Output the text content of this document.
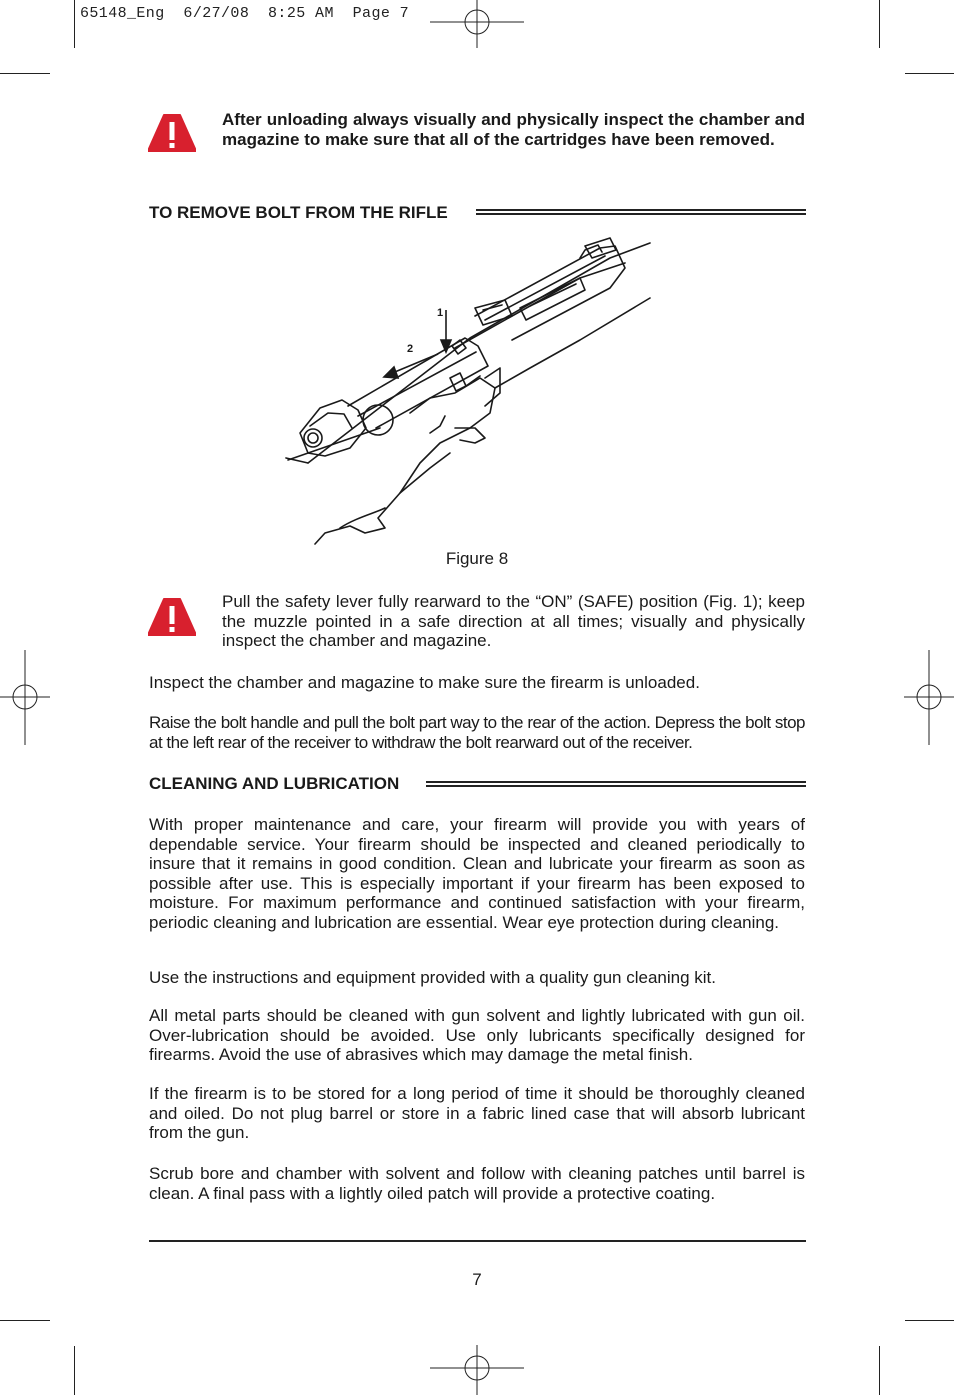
65148_Eng  6/27/08  8:25 AM  Page 7
After unloading always visually and physically inspect the chamber and magazine to make sure that all of the cartridges have been removed.
TO REMOVE BOLT FROM THE RIFLE
1
2
Figure 8
Pull the safety lever fully rearward to the “ON” (SAFE) position (Fig. 1); keep the muzzle pointed in a safe direction at all times; visually and physically inspect the chamber and magazine.
Inspect the chamber and magazine to make sure the firearm is unloaded.
Raise the bolt handle and pull the bolt part way to the rear of the action. Depress the bolt stop at the left rear of the receiver to withdraw the bolt rearward out of the receiver.
CLEANING AND LUBRICATION
With proper maintenance and care, your firearm will provide you with years of dependable service. Your firearm should be inspected and cleaned periodically to insure that it remains in good condition. Clean and lubricate your firearm as soon as possible after use. This is especially important if your firearm has been exposed to moisture. For maximum performance and continued satisfaction with your firearm, periodic cleaning and lubrication are essential. Wear eye protection during cleaning.
Use the instructions and equipment provided with a quality gun cleaning kit.
All metal parts should be cleaned with gun solvent and lightly lubricated with gun oil. Over-lubrication should be avoided. Use only lubricants specifically designed for firearms. Avoid the use of abrasives which may damage the metal finish.
If the firearm is to be stored for a long period of time it should be thoroughly cleaned and oiled. Do not plug barrel or store in a fabric lined case that will absorb lubricant from the gun.
Scrub bore and chamber with solvent and follow with cleaning patches until barrel is clean. A final pass with a lightly oiled patch will provide a protective coating.
7
